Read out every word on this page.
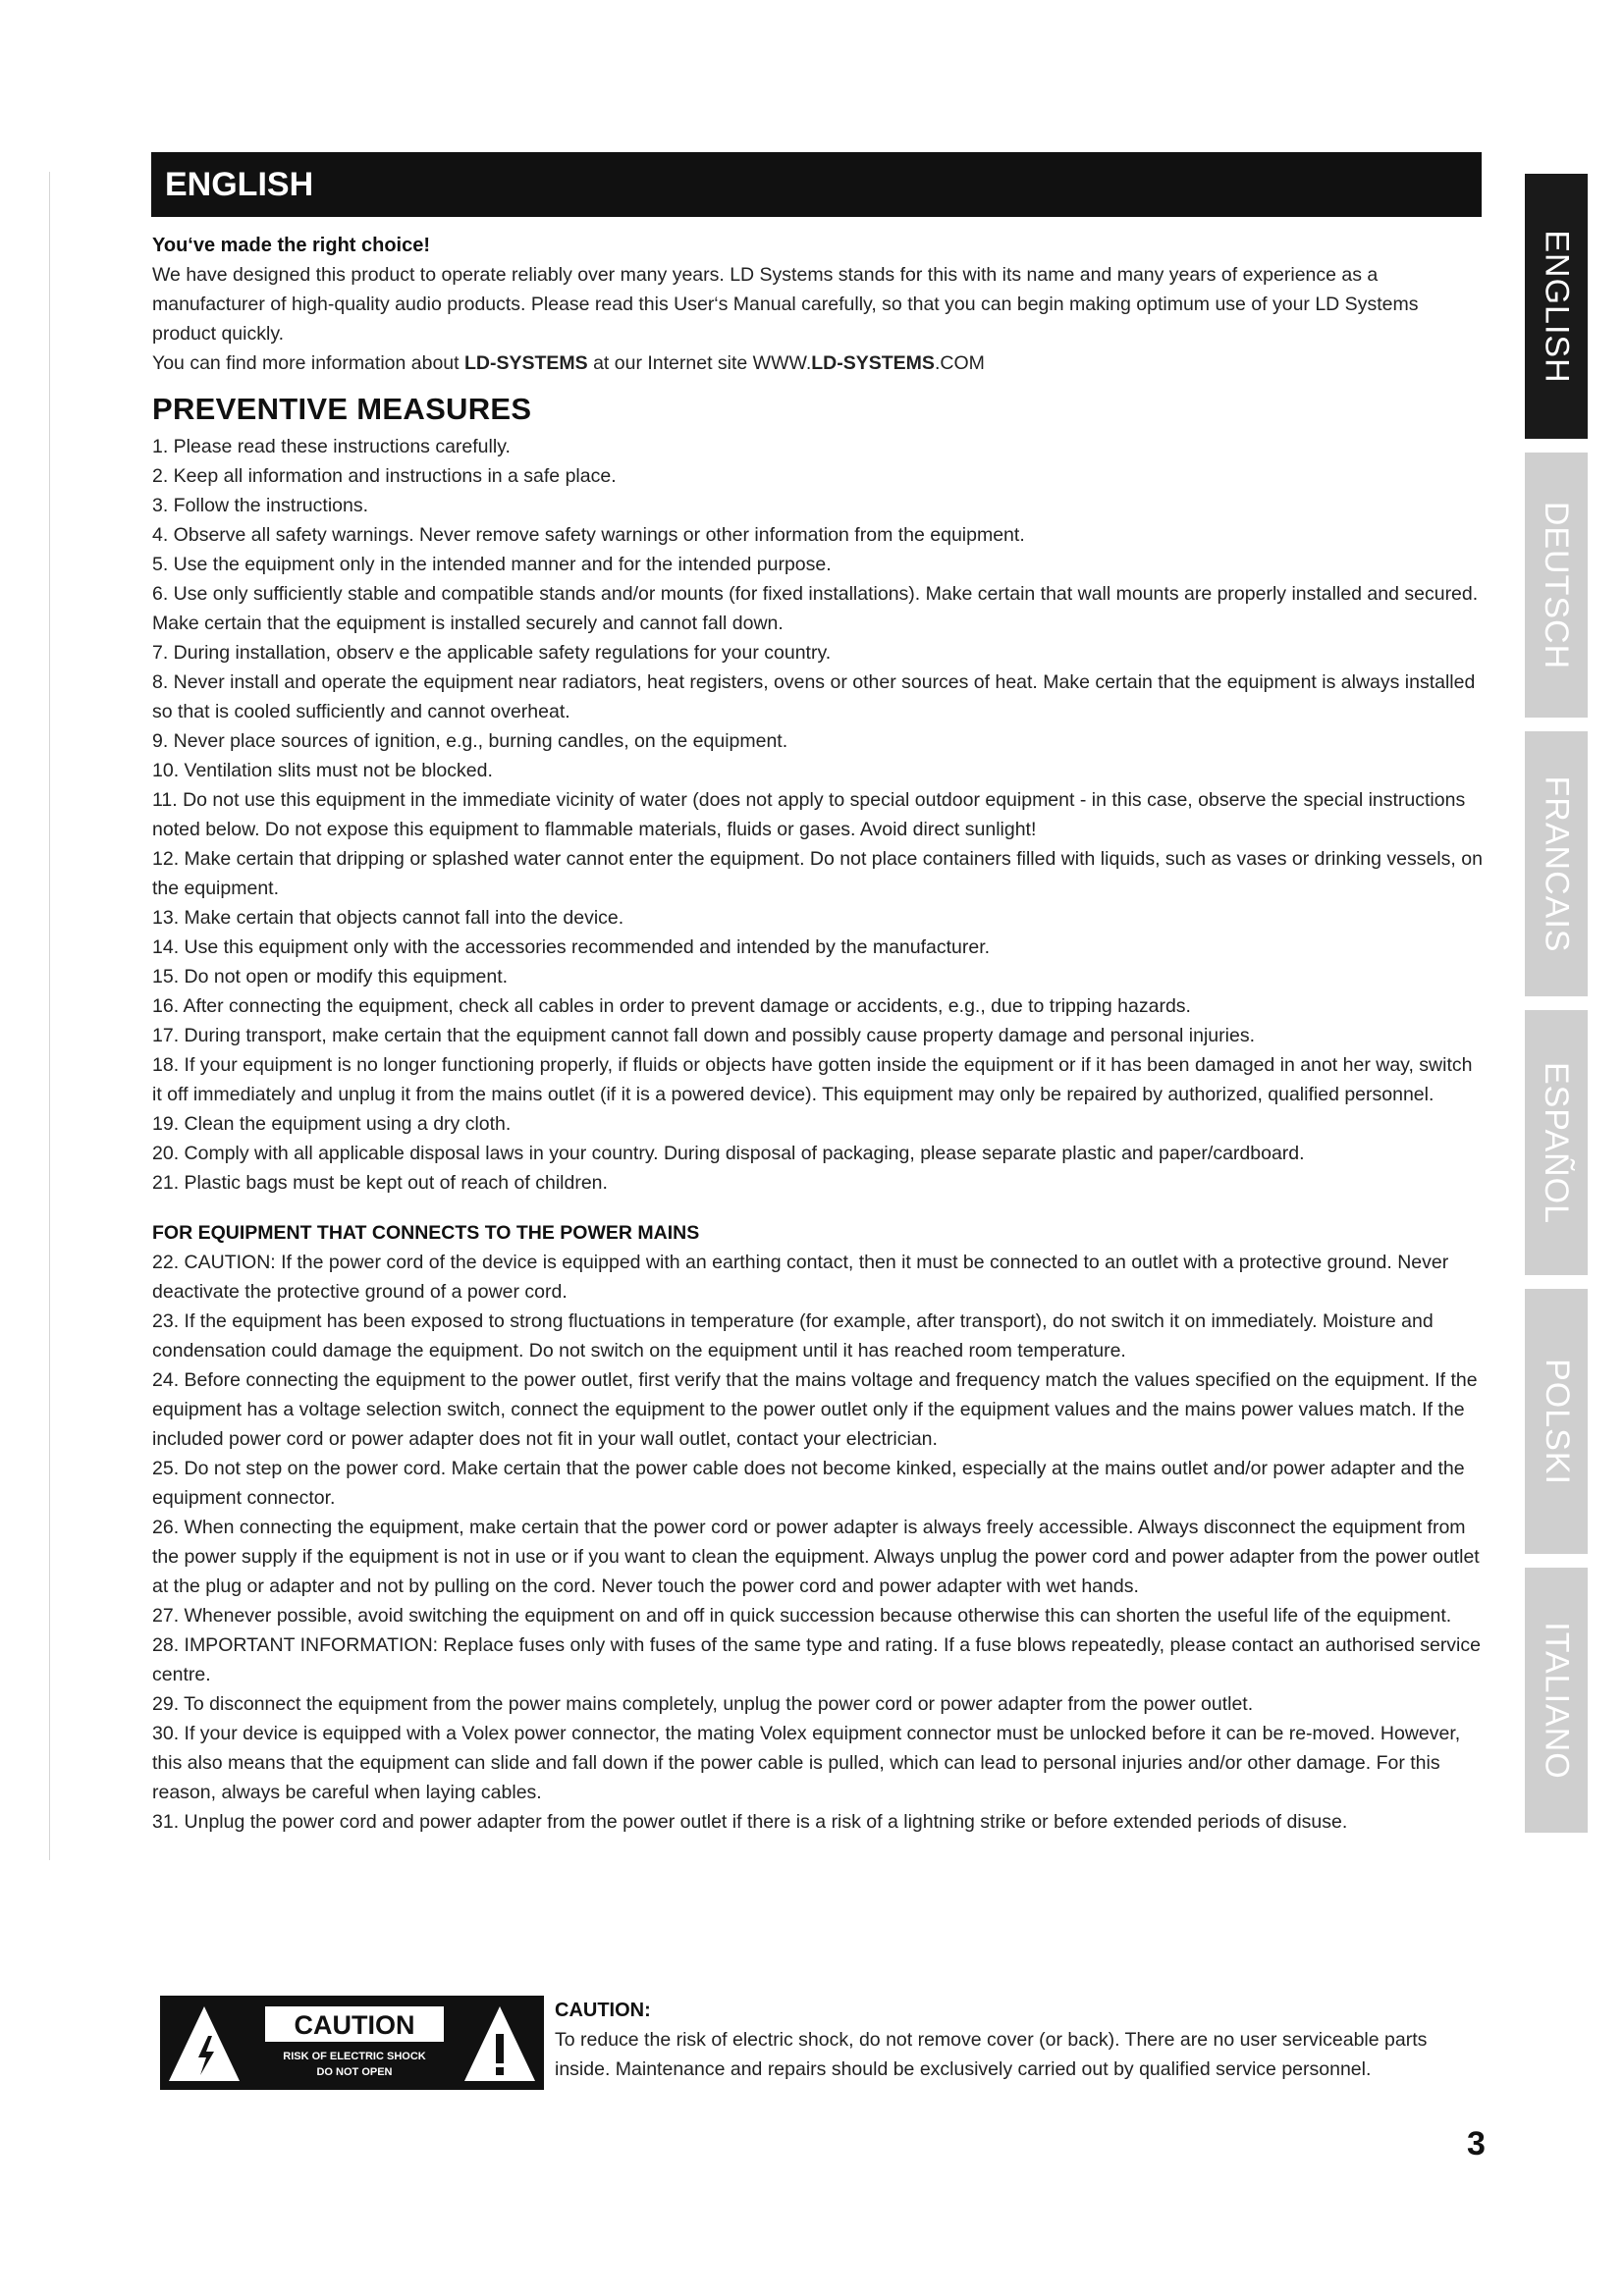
ENGLISH

You‘ve made the right choice!

We have designed this product to operate reliably over many years. LD Systems stands for this with its name and many years of experience as a manufacturer of high-quality audio products. Please read this User‘s Manual carefully, so that you can begin making optimum use of your LD Systems product quickly.

You can find more information about LD-SYSTEMS at our Internet site WWW.LD-SYSTEMS.COM

PREVENTIVE MEASURES

1. Please read these instructions carefully.

2. Keep all information and instructions in a safe place.

3. Follow the instructions.

4. Observe all safety warnings. Never remove safety warnings or other information from the equipment.

5. Use the equipment only in the intended manner and for the intended purpose.

6. Use only sufficiently stable and compatible stands and/or mounts (for fixed installations). Make certain that wall mounts are properly installed and secured. Make certain that the equipment is installed securely and cannot fall down.

7. During installation, observ e the applicable safety regulations for your country.

8. Never install and operate the equipment near radiators, heat registers, ovens or other sources of heat. Make certain that the equipment is always installed so that is cooled sufficiently and cannot overheat.

9. Never place sources of ignition, e.g., burning candles, on the equipment.

10. Ventilation slits must not be blocked.

11. Do not use this equipment in the immediate vicinity of water (does not apply to special outdoor equipment - in this case, observe the special instructions noted below. Do not expose this equipment to flammable materials, fluids or gases. Avoid direct sunlight!

12. Make certain that dripping or splashed water cannot enter the equipment. Do not place containers filled with liquids, such as vases or drinking vessels, on the equipment.

13. Make certain that objects cannot fall into the device.

14. Use this equipment only with the accessories recommended and intended by the manufacturer.

15. Do not open or modify this equipment.

16. After connecting the equipment, check all cables in order to prevent damage or accidents, e.g., due to tripping hazards.

17. During transport, make certain that the equipment cannot fall down and possibly cause property damage and personal injuries.

18. If your equipment is no longer functioning properly, if fluids or objects have gotten inside the equipment or if it has been damaged in anot her way, switch it off immediately and unplug it from the mains outlet (if it is a powered device). This equipment may only be repaired by authorized, qualified personnel.

19. Clean the equipment using a dry cloth.

20. Comply with all applicable disposal laws in your country. During disposal of packaging, please separate plastic and paper/cardboard.

21. Plastic bags must be kept out of reach of children.

FOR EQUIPMENT THAT CONNECTS TO THE POWER MAINS

22. CAUTION: If the power cord of the device is equipped with an earthing contact, then it must be connected to an outlet with a protective ground. Never deactivate the protective ground of a power cord.

23. If the equipment has been exposed to strong fluctuations in temperature (for example, after transport), do not switch it on immediately. Moisture and condensation could damage the equipment. Do not switch on the equipment until it has reached room temperature.

24. Before connecting the equipment to the power outlet, first verify that the mains voltage and frequency match the values specified on the equipment. If the equipment has a voltage selection switch, connect the equipment to the power outlet only if the equipment values and the mains power values match. If the included power cord or power adapter does not fit in your wall outlet, contact your electrician.

25. Do not step on the power cord. Make certain that the power cable does not become kinked, especially at the mains outlet and/or power adapter and the equipment connector.

26. When connecting the equipment, make certain that the power cord or power adapter is always freely accessible. Always disconnect the equipment from the power supply if the equipment is not in use or if you want to clean the equipment. Always unplug the power cord and power adapter from the power outlet at the plug or adapter and not by pulling on the cord. Never touch the power cord and power adapter with wet hands.

27. Whenever possible, avoid switching the equipment on and off in quick succession because otherwise this can shorten the useful life of the equipment.

28. IMPORTANT INFORMATION: Replace fuses only with fuses of the same type and rating. If a fuse blows repeatedly, please contact an authorised service centre.

29. To disconnect the equipment from the power mains completely, unplug the power cord or power adapter from the power outlet.

30. If your device is equipped with a Volex power connector, the mating Volex equipment connector must be unlocked before it can be re-moved. However, this also means that the equipment can slide and fall down if the power cable is pulled, which can lead to personal injuries and/or other damage. For this reason, always be careful when laying cables.

31. Unplug the power cord and power adapter from the power outlet if there is a risk of a lightning strike or before extended periods of disuse.

CAUTION
RISK OF ELECTRIC SHOCK
DO NOT OPEN

CAUTION:

To reduce the risk of electric shock, do not remove cover (or back). There are no user serviceable parts inside. Maintenance and repairs should be exclusively carried out by qualified service personnel.

ENGLISH
DEUTSCH
FRANCAIS
ESPAÑOL
POLSKI
ITALIANO
3
